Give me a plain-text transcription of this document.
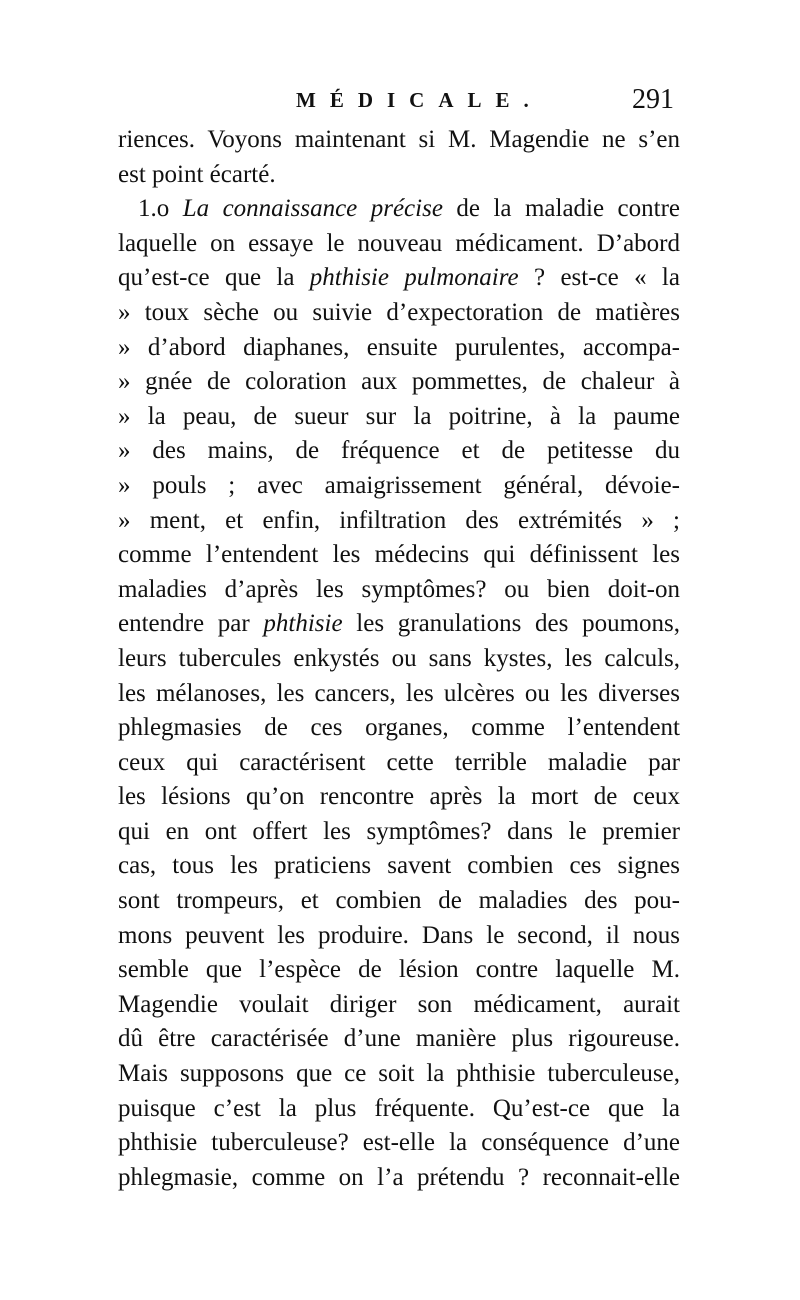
MÉDICALE.	291
riences. Voyons maintenant si M. Magendie ne s’en
est point écarté.
1.o La connaissance précise de la maladie contre
laquelle on essaye le nouveau médicament. D’abord
qu’est-ce que la phthisie pulmonaire ? est-ce « la
» toux sèche ou suivie d’expectoration de matières
» d’abord diaphanes, ensuite purulentes, accompa-
» gnée de coloration aux pommettes, de chaleur à
» la peau, de sueur sur la poitrine, à la paume
» des mains, de fréquence et de petitesse du
» pouls ; avec amaigrissement général, dévoie-
» ment, et enfin, infiltration des extrémités » ;
comme l’entendent les médecins qui définissent les
maladies d’après les symptômes? ou bien doit-on
entendre par phthisie les granulations des poumons,
leurs tubercules enkystés ou sans kystes, les calculs,
les mélanoses, les cancers, les ulcères ou les diverses
phlegmasies de ces organes, comme l’entendent
ceux qui caractérisent cette terrible maladie par
les lésions qu’on rencontre après la mort de ceux
qui en ont offert les symptômes? dans le premier
cas, tous les praticiens savent combien ces signes
sont trompeurs, et combien de maladies des pou-
mons peuvent les produire. Dans le second, il nous
semble que l’espèce de lésion contre laquelle M.
Magendie voulait diriger son médicament, aurait
dû être caractérisée d’une manière plus rigoureuse.
Mais supposons que ce soit la phthisie tuberculeuse,
puisque c’est la plus fréquente. Qu’est-ce que la
phthisie tuberculeuse? est-elle la conséquence d’une
phlegmasie, comme on l’a prétendu ? reconnait-elle
